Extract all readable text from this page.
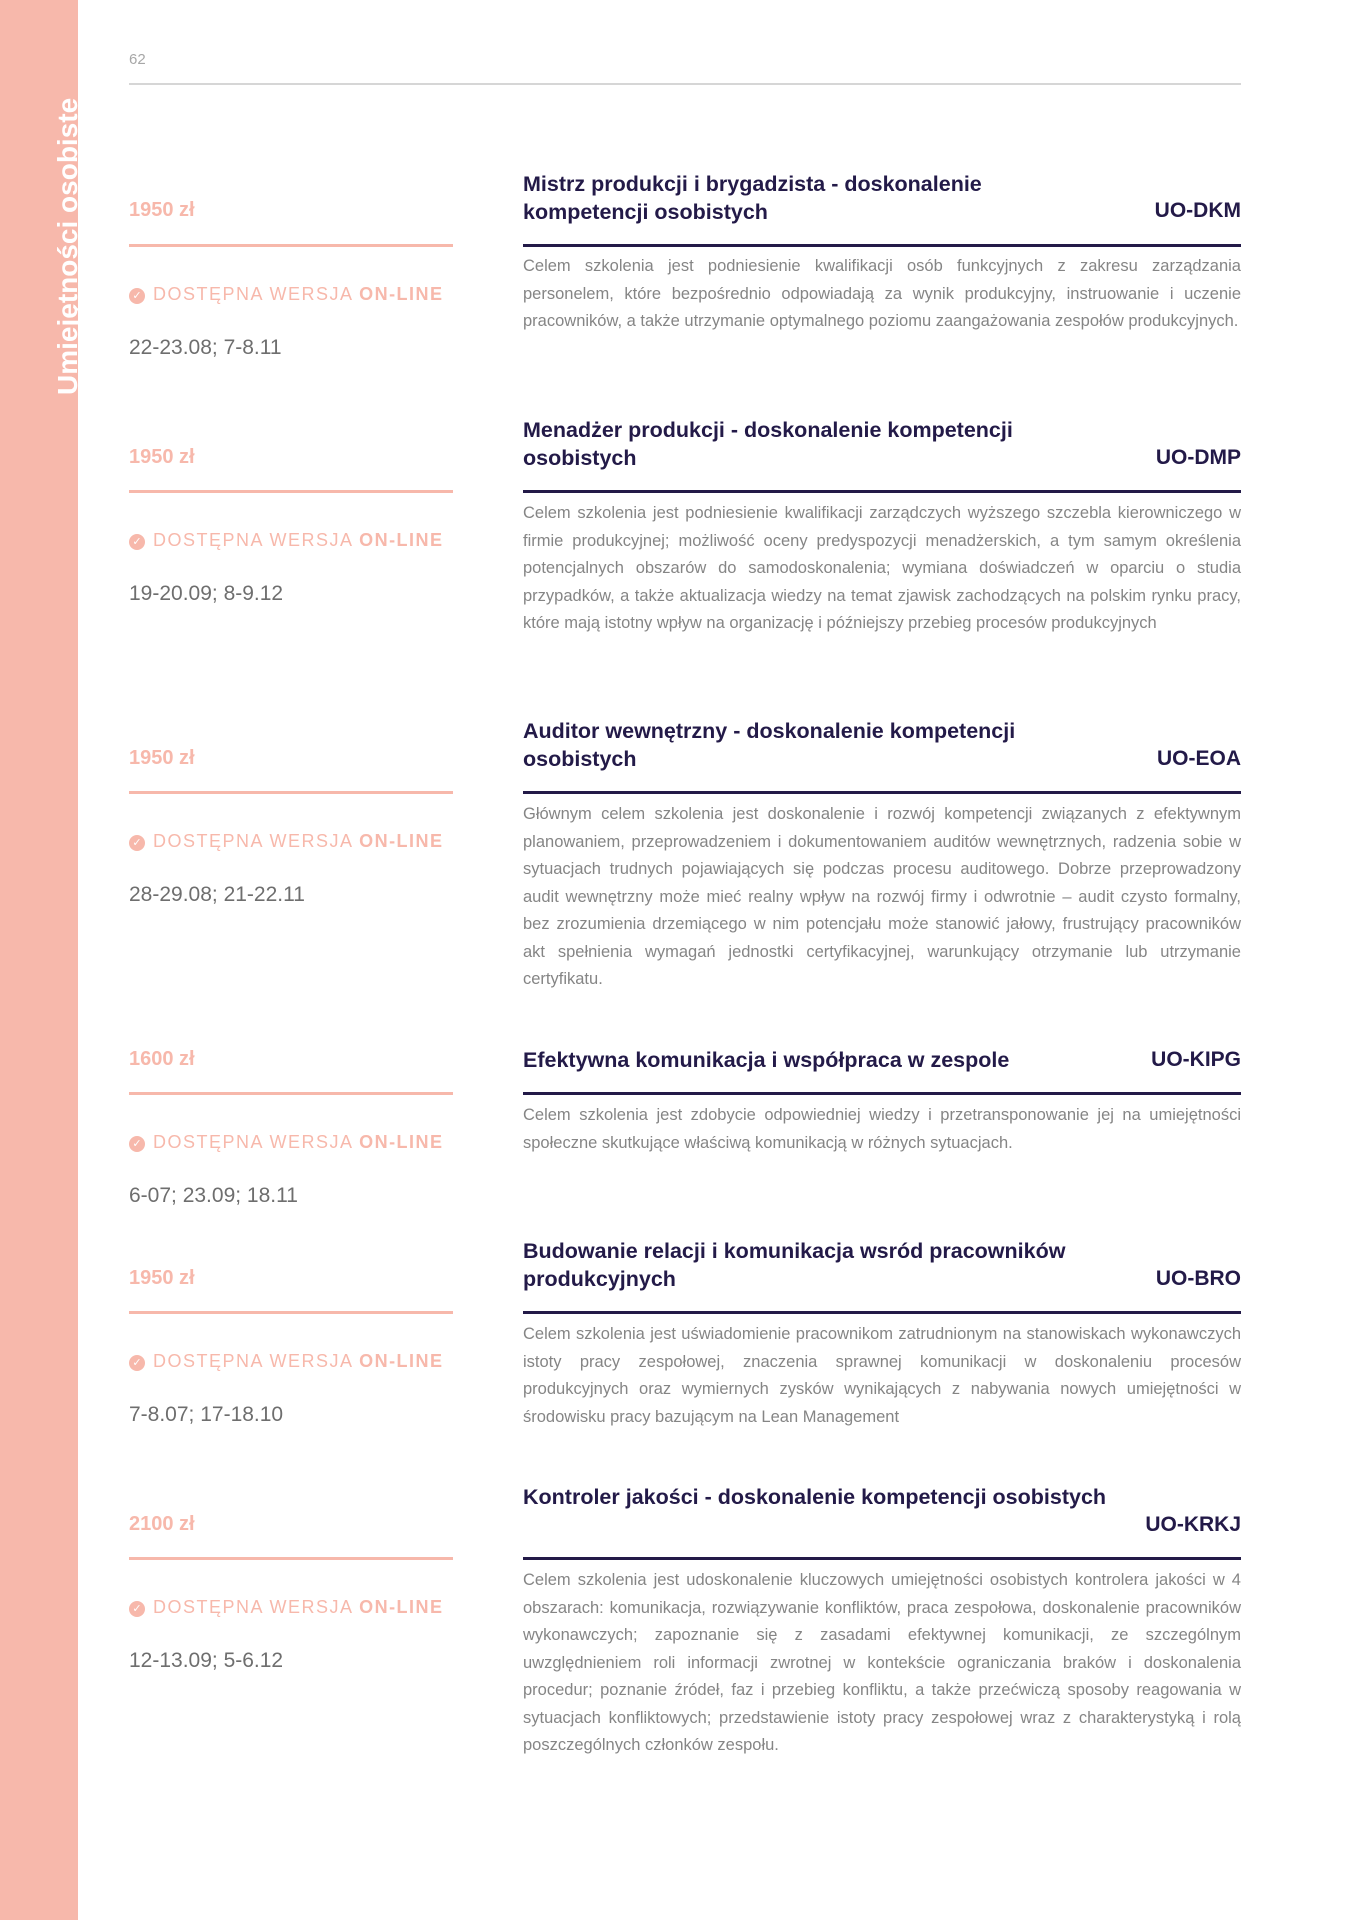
Umiejętności osobiste
62
1950 zł
✓ DOSTĘPNA WERSJA ON-LINE
22-23.08; 7-8.11
Mistrz produkcji i brygadzista - doskonalenie kompetencji osobistych	UO-DKM
Celem szkolenia jest podniesienie kwalifikacji osób funkcyjnych z zakresu zarządzania personelem, które bezpośrednio odpowiadają za wynik produkcyjny, instruowanie i uczenie pracowników, a także utrzymanie optymalnego poziomu zaangażowania zespołów produkcyjnych.
1950 zł
✓ DOSTĘPNA WERSJA ON-LINE
19-20.09; 8-9.12
Menadżer produkcji - doskonalenie kompetencji osobistych	UO-DMP
Celem szkolenia jest podniesienie kwalifikacji zarządczych wyższego szczebla kierowniczego w firmie produkcyjnej; możliwość oceny predyspozycji menadżerskich, a tym samym określenia potencjalnych obszarów do samodoskonalenia; wymiana doświadczeń w oparciu o studia przypadków, a także aktualizacja wiedzy na temat zjawisk zachodzących na polskim rynku pracy, które mają istotny wpływ na organizację i późniejszy przebieg procesów produkcyjnych
1950 zł
✓ DOSTĘPNA WERSJA ON-LINE
28-29.08; 21-22.11
Auditor wewnętrzny - doskonalenie kompetencji osobistych	UO-EOA
Głównym celem szkolenia jest doskonalenie i rozwój kompetencji związanych z efektywnym planowaniem, przeprowadzeniem i dokumentowaniem auditów wewnętrznych, radzenia sobie w sytuacjach trudnych pojawiających się podczas procesu auditowego. Dobrze przeprowadzony audit wewnętrzny może mieć realny wpływ na rozwój firmy i odwrotnie – audit czysto formalny, bez zrozumienia drzemiącego w nim potencjału może stanowić jałowy, frustrujący pracowników akt spełnienia wymagań jednostki certyfikacyjnej, warunkujący otrzymanie lub utrzymanie certyfikatu.
1600 zł
✓ DOSTĘPNA WERSJA ON-LINE
6-07; 23.09; 18.11
Efektywna komunikacja i współpraca w zespole	UO-KIPG
Celem szkolenia jest zdobycie odpowiedniej wiedzy i przetransponowanie jej na umiejętności społeczne skutkujące właściwą komunikacją w różnych sytuacjach.
1950 zł
✓ DOSTĘPNA WERSJA ON-LINE
7-8.07; 17-18.10
Budowanie relacji i komunikacja wsród pracowników produkcyjnych	UO-BRO
Celem szkolenia jest uświadomienie pracownikom zatrudnionym na stanowiskach wykonawczych istoty pracy zespołowej, znaczenia sprawnej komunikacji w doskonaleniu procesów produkcyjnych oraz wymiernych zysków wynikających z nabywania nowych umiejętności w środowisku pracy bazującym na Lean Management
2100 zł
✓ DOSTĘPNA WERSJA ON-LINE
12-13.09; 5-6.12
Kontroler jakości - doskonalenie kompetencji osobistych
UO-KRKJ
Celem szkolenia jest udoskonalenie kluczowych umiejętności osobistych kontrolera jakości w 4 obszarach: komunikacja, rozwiązywanie konfliktów, praca zespołowa, doskonalenie pracowników wykonawczych; zapoznanie się z zasadami efektywnej komunikacji, ze szczególnym uwzględnieniem roli informacji zwrotnej w kontekście ograniczania braków i doskonalenia procedur; poznanie źródeł, faz i przebieg konfliktu, a także przećwiczą sposoby reagowania w sytuacjach konfliktowych; przedstawienie istoty pracy zespołowej wraz z charakterystyką i rolą poszczególnych członków zespołu.
